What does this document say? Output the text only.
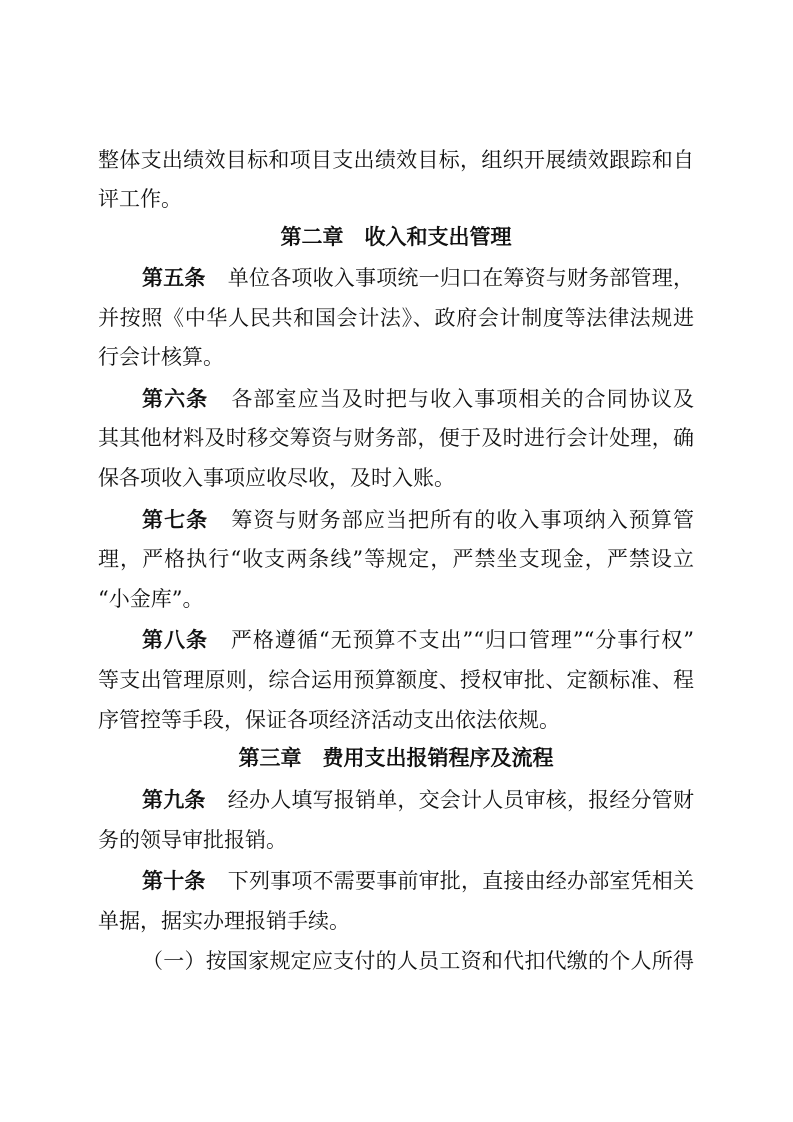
整体支出绩效目标和项目支出绩效目标，组织开展绩效跟踪和自
评工作。
第二章　收入和支出管理
第五条 单位各项收入事项统一归口在筹资与财务部管理，
并按照《中华人民共和国会计法》、政府会计制度等法律法规进
行会计核算。
第六条 各部室应当及时把与收入事项相关的合同协议及
其其他材料及时移交筹资与财务部，便于及时进行会计处理，确
保各项收入事项应收尽收，及时入账。
第七条 筹资与财务部应当把所有的收入事项纳入预算管
理，严格执行“收支两条线”等规定，严禁坐支现金，严禁设立
“小金库”。
第八条 严格遵循“无预算不支出”“归口管理”“分事行权”
等支出管理原则，综合运用预算额度、授权审批、定额标准、程
序管控等手段，保证各项经济活动支出依法依规。
第三章　费用支出报销程序及流程
第九条 经办人填写报销单，交会计人员审核，报经分管财
务的领导审批报销。
第十条 下列事项不需要事前审批，直接由经办部室凭相关
单据，据实办理报销手续。
（一）按国家规定应支付的人员工资和代扣代缴的个人所得
